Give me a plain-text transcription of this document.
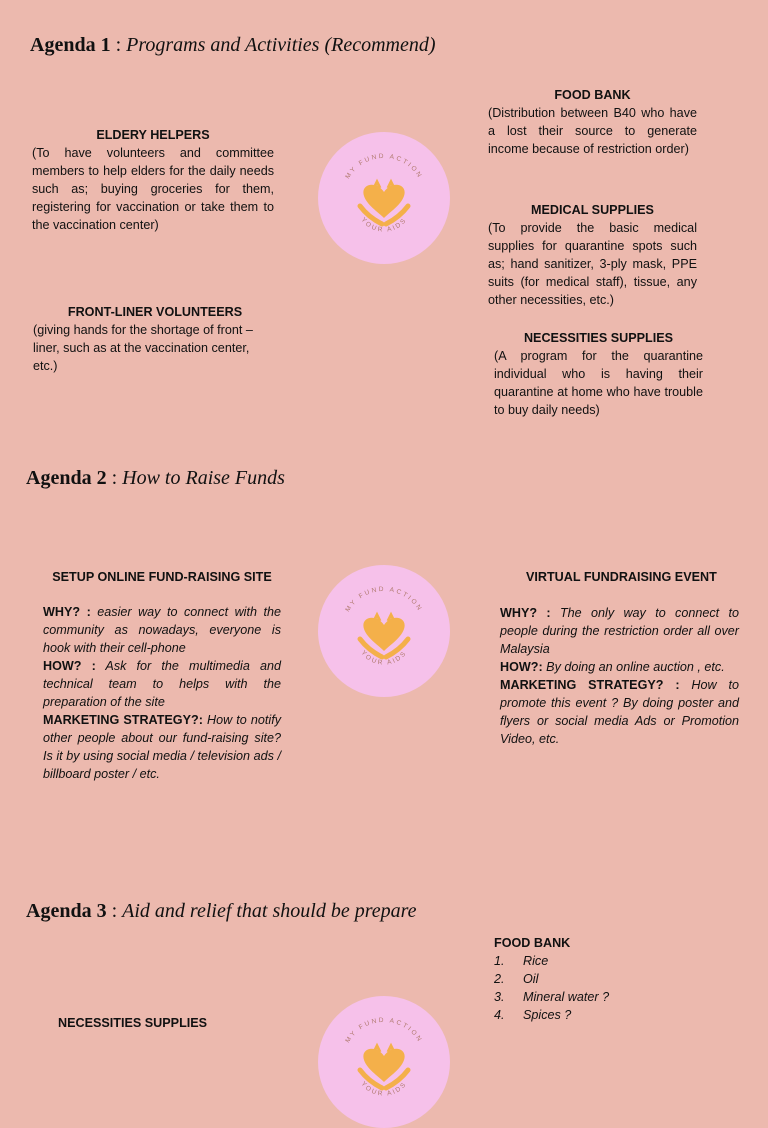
Agenda 1 : Programs and Activities (Recommend)
ELDERY HELPERS
(To have volunteers and committee members to help elders for the daily needs such as; buying groceries for them, registering for vaccination or take them to the vaccination center)
FRONT-LINER VOLUNTEERS
(giving hands for the shortage of front – liner, such as at the vaccination center, etc.)
FOOD BANK
(Distribution between B40 who have a lost their source to generate income because of restriction order)
MEDICAL SUPPLIES
(To provide the basic medical supplies for quarantine spots such as; hand sanitizer, 3-ply mask, PPE suits (for medical staff), tissue, any other necessities, etc.)
NECESSITIES SUPPLIES
(A program for the quarantine individual who is having their quarantine at home who have trouble to buy daily needs)
MY FUND ACTION
YOUR AIDS
Agenda 2 : How to Raise Funds
SETUP ONLINE FUND-RAISING SITE

WHY? : easier way to connect with the community as nowadays, everyone is hook with their cell-phone

HOW? : Ask for the multimedia and technical team to helps with the preparation of the site

MARKETING STRATEGY?: How to notify other people about our fund-raising site? Is it by using social media / television ads / billboard poster / etc.

VIRTUAL FUNDRAISING EVENT

WHY? : The only way to connect to people during the restriction order all over Malaysia

HOW?: By doing an online auction , etc.

MARKETING STRATEGY? : How to promote this event ? By doing poster and flyers or social media Ads or Promotion Video, etc.

MY FUND ACTION
YOUR AIDS
Agenda 3 : Aid and relief that should be prepare
FOOD BANK
1.	Rice
2.	Oil
3.	Mineral water ?
4.	Spices ?
NECESSITIES SUPPLIES
MY FUND ACTION
YOUR AIDS
